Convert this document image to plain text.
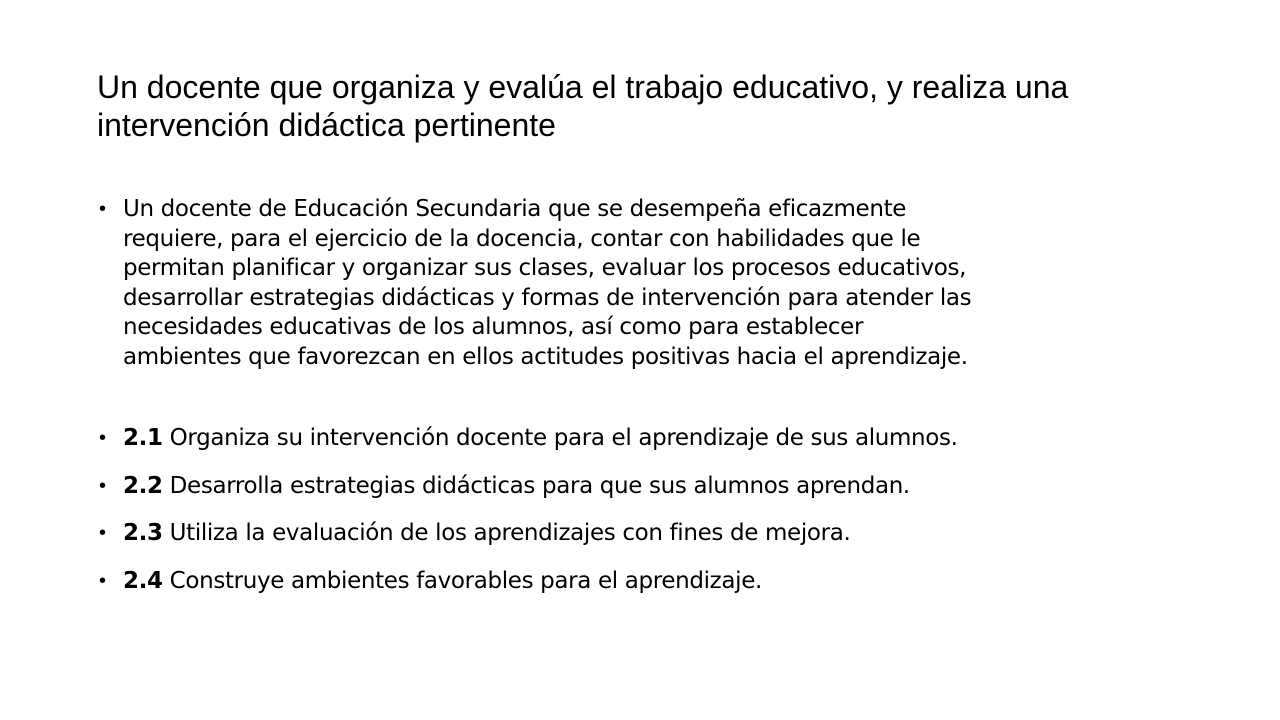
Un docente que organiza y evalúa el trabajo educativo, y realiza una intervención didáctica pertinente
• Un docente de Educación Secundaria que se desempeña eficazmente
requiere, para el ejercicio de la docencia, contar con habilidades que le
permitan planificar y organizar sus clases, evaluar los procesos educativos,
desarrollar estrategias didácticas y formas de intervención para atender las
necesidades educativas de los alumnos, así como para establecer
ambientes que favorezcan en ellos actitudes positivas hacia el aprendizaje.
• 2.1 Organiza su intervención docente para el aprendizaje de sus alumnos.
• 2.2 Desarrolla estrategias didácticas para que sus alumnos aprendan.
• 2.3 Utiliza la evaluación de los aprendizajes con fines de mejora.
• 2.4 Construye ambientes favorables para el aprendizaje.
